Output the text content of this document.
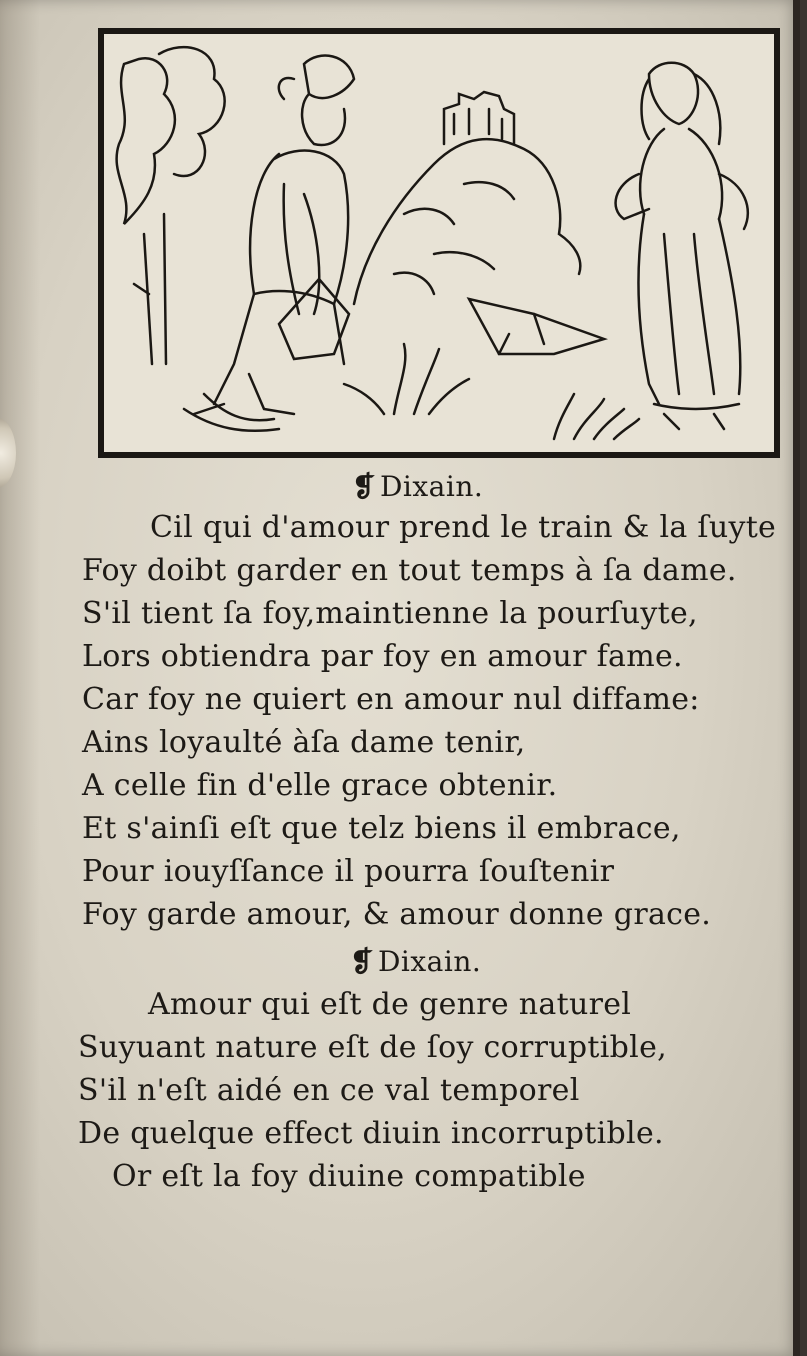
❡ Dixain.
Cil qui d'amour prend le train & la ſuyte
Foy doibt garder en tout temps à ſa dame.
S'il tient ſa foy,maintienne la pourſuyte,
Lors obtiendra par foy en amour fame.
Car foy ne quiert en amour nul diffame:
Ains loyaulté àſa dame tenir,
A celle fin d'elle grace obtenir.
Et s'ainſi eſt que telz biens il embrace,
Pour iouyſſance il pourra ſouſtenir
Foy garde amour, & amour donne grace.
❡ Dixain.
Amour qui eſt de genre naturel
Suyuant nature eſt de ſoy corruptible,
S'il n'eſt aidé en ce val temporel
De quelque effect diuin incorruptible.
Or eſt la foy diuine compatible
